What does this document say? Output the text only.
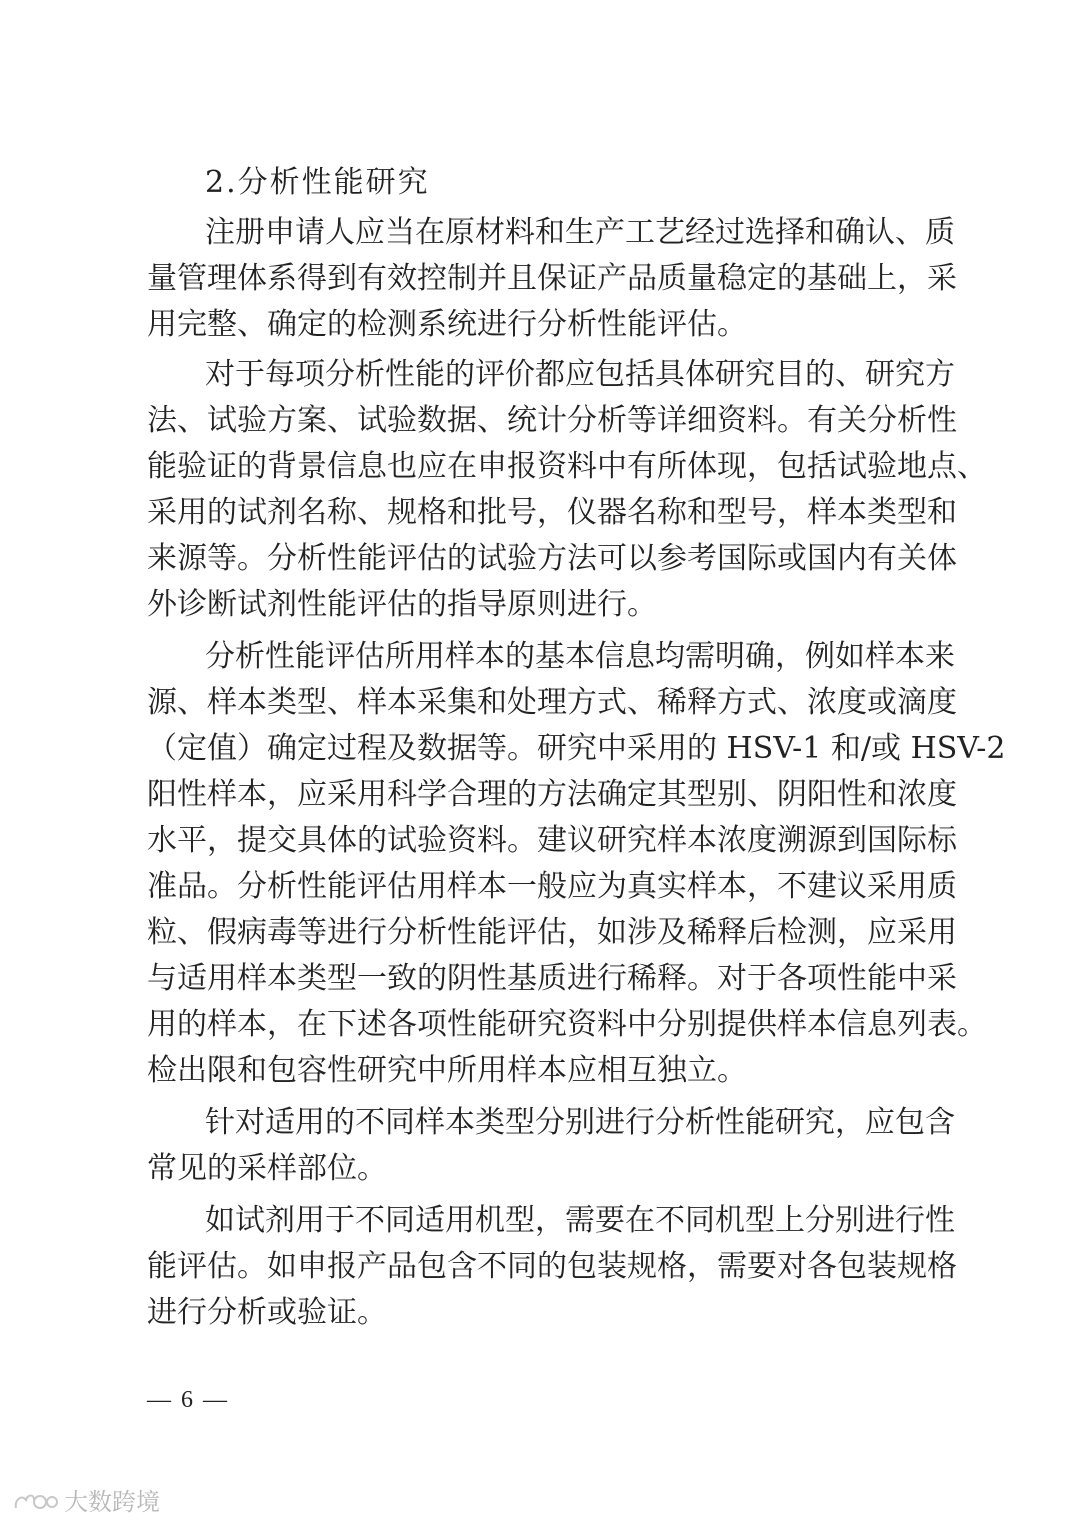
2.分析性能研究
注册申请人应当在原材料和生产工艺经过选择和确认、质
量管理体系得到有效控制并且保证产品质量稳定的基础上，采
用完整、确定的检测系统进行分析性能评估。
对于每项分析性能的评价都应包括具体研究目的、研究方
法、试验方案、试验数据、统计分析等详细资料。有关分析性
能验证的背景信息也应在申报资料中有所体现，包括试验地点、
采用的试剂名称、规格和批号，仪器名称和型号，样本类型和
来源等。分析性能评估的试验方法可以参考国际或国内有关体
外诊断试剂性能评估的指导原则进行。
分析性能评估所用样本的基本信息均需明确，例如样本来
源、样本类型、样本采集和处理方式、稀释方式、浓度或滴度
（定值）确定过程及数据等。研究中采用的 HSV-1 和/或 HSV-2
阳性样本，应采用科学合理的方法确定其型别、阴阳性和浓度
水平，提交具体的试验资料。建议研究样本浓度溯源到国际标
准品。分析性能评估用样本一般应为真实样本，不建议采用质
粒、假病毒等进行分析性能评估，如涉及稀释后检测，应采用
与适用样本类型一致的阴性基质进行稀释。对于各项性能中采
用的样本，在下述各项性能研究资料中分别提供样本信息列表。
检出限和包容性研究中所用样本应相互独立。
针对适用的不同样本类型分别进行分析性能研究，应包含
常见的采样部位。
如试剂用于不同适用机型，需要在不同机型上分别进行性
能评估。如申报产品包含不同的包装规格，需要对各包装规格
进行分析或验证。
— 6 —
大数跨境
